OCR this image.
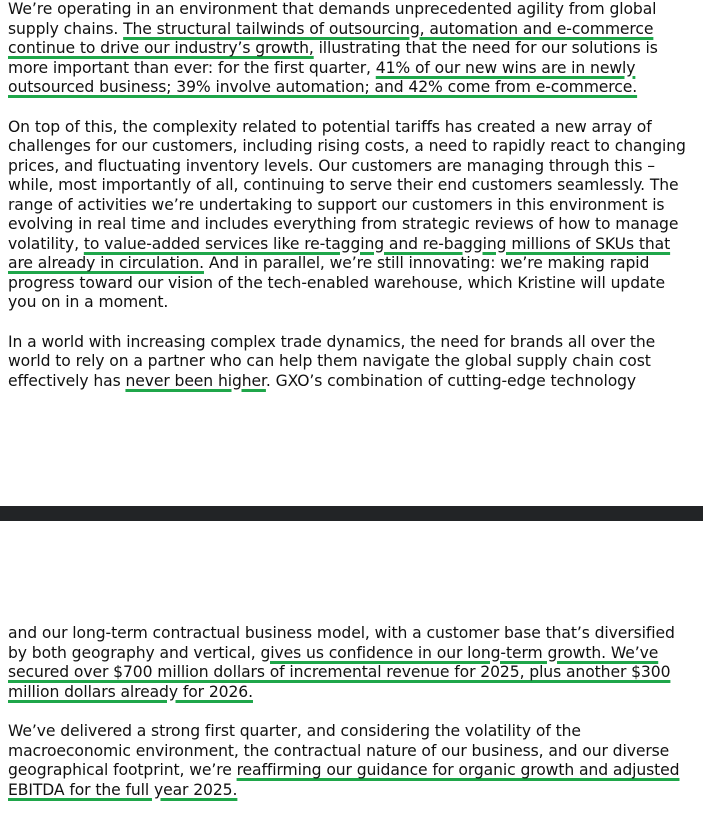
We’re operating in an environment that demands unprecedented agility from global supply chains. The structural tailwinds of outsourcing, automation and e-commerce continue to drive our industry’s growth, illustrating that the need for our solutions is more important than ever: for the first quarter, 41% of our new wins are in newly outsourced business; 39% involve automation; and 42% come from e-commerce.

On top of this, the complexity related to potential tariffs has created a new array of challenges for our customers, including rising costs, a need to rapidly react to changing prices, and fluctuating inventory levels. Our customers are managing through this – while, most importantly of all, continuing to serve their end customers seamlessly. The range of activities we’re undertaking to support our customers in this environment is evolving in real time and includes everything from strategic reviews of how to manage volatility, to value-added services like re-tagging and re-bagging millions of SKUs that are already in circulation. And in parallel, we’re still innovating: we’re making rapid progress toward our vision of the tech-enabled warehouse, which Kristine will update you on in a moment.

In a world with increasing complex trade dynamics, the need for brands all over the world to rely on a partner who can help them navigate the global supply chain cost effectively has never been higher. GXO’s combination of cutting-edge technology

and our long-term contractual business model, with a customer base that’s diversified by both geography and vertical, gives us confidence in our long-term growth. We’ve secured over $700 million dollars of incremental revenue for 2025, plus another $300 million dollars already for 2026.

We’ve delivered a strong first quarter, and considering the volatility of the macroeconomic environment, the contractual nature of our business, and our diverse geographical footprint, we’re reaffirming our guidance for organic growth and adjusted EBITDA for the full year 2025.
